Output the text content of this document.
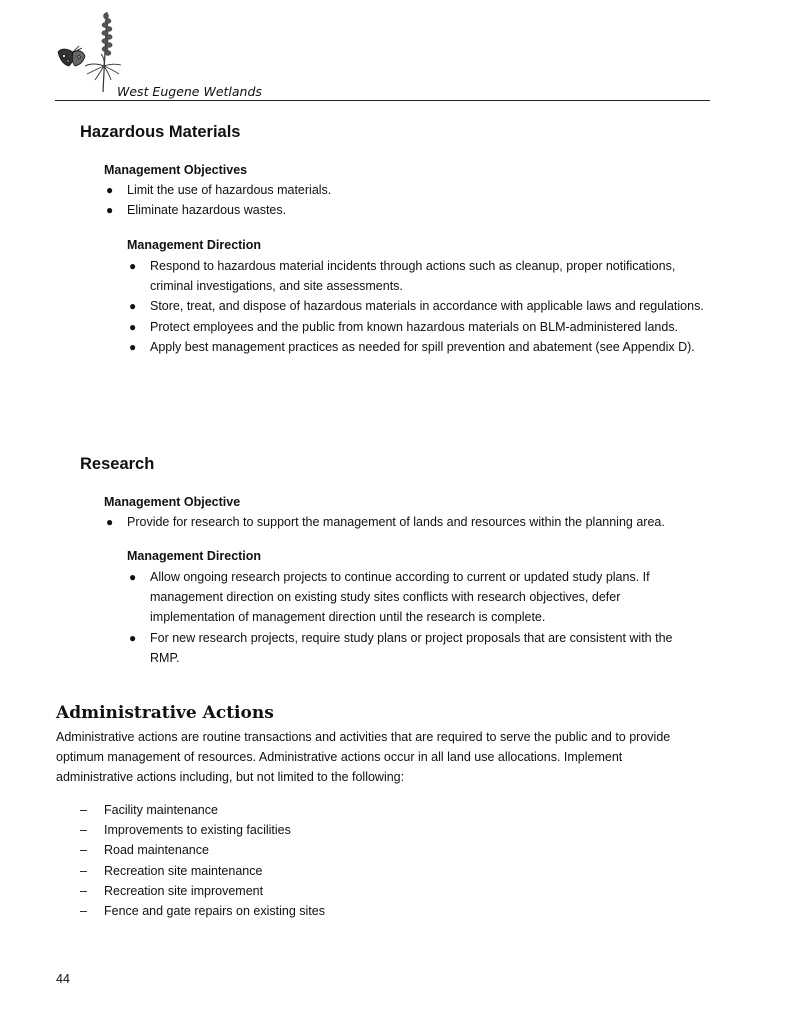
West Eugene Wetlands
Hazardous Materials
Management Objectives
● Limit the use of hazardous materials.
● Eliminate hazardous wastes.
Management Direction
● Respond to hazardous material incidents through actions such as cleanup, proper notifications, criminal investigations, and site assessments.
● Store, treat, and dispose of hazardous materials in accordance with applicable laws and regulations.
● Protect employees and the public from known hazardous materials on BLM-administered lands.
● Apply best management practices as needed for spill prevention and abatement (see Appendix D).
Research
Management Objective
● Provide for research to support the management of lands and resources within the planning area.
Management Direction
● Allow ongoing research projects to continue according to current or updated study plans. If management direction on existing study sites conflicts with research objectives, defer implementation of management direction until the research is complete.
● For new research projects, require study plans or project proposals that are consistent with the RMP.
Administrative Actions
Administrative actions are routine transactions and activities that are required to serve the public and to provide optimum management of resources. Administrative actions occur in all land use allocations. Implement administrative actions including, but not limited to the following:
– Facility maintenance
– Improvements to existing facilities
– Road maintenance
– Recreation site maintenance
– Recreation site improvement
– Fence and gate repairs on existing sites
44
